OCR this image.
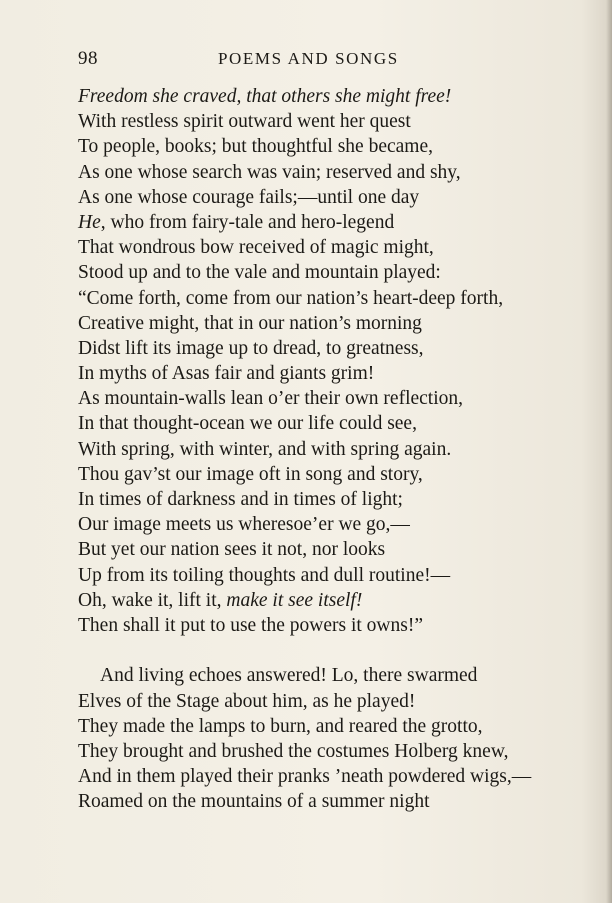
98	POEMS AND SONGS
Freedom she craved, that others she might free!
With restless spirit outward went her quest
To people, books; but thoughtful she became,
As one whose search was vain; reserved and shy,
As one whose courage fails;—until one day
He, who from fairy-tale and hero-legend
That wondrous bow received of magic might,
Stood up and to the vale and mountain played:
“Come forth, come from our nation’s heart-deep forth,
Creative might, that in our nation’s morning
Didst lift its image up to dread, to greatness,
In myths of Asas fair and giants grim!
As mountain-walls lean o’er their own reflection,
In that thought-ocean we our life could see,
With spring, with winter, and with spring again.
Thou gav’st our image oft in song and story,
In times of darkness and in times of light;
Our image meets us wheresoe’er we go,—
But yet our nation sees it not, nor looks
Up from its toiling thoughts and dull routine!—
Oh, wake it, lift it, make it see itself!
Then shall it put to use the powers it owns!”
And living echoes answered! Lo, there swarmed
Elves of the Stage about him, as he played!
They made the lamps to burn, and reared the grotto,
They brought and brushed the costumes Holberg knew,
And in them played their pranks ’neath powdered wigs,—
Roamed on the mountains of a summer night
